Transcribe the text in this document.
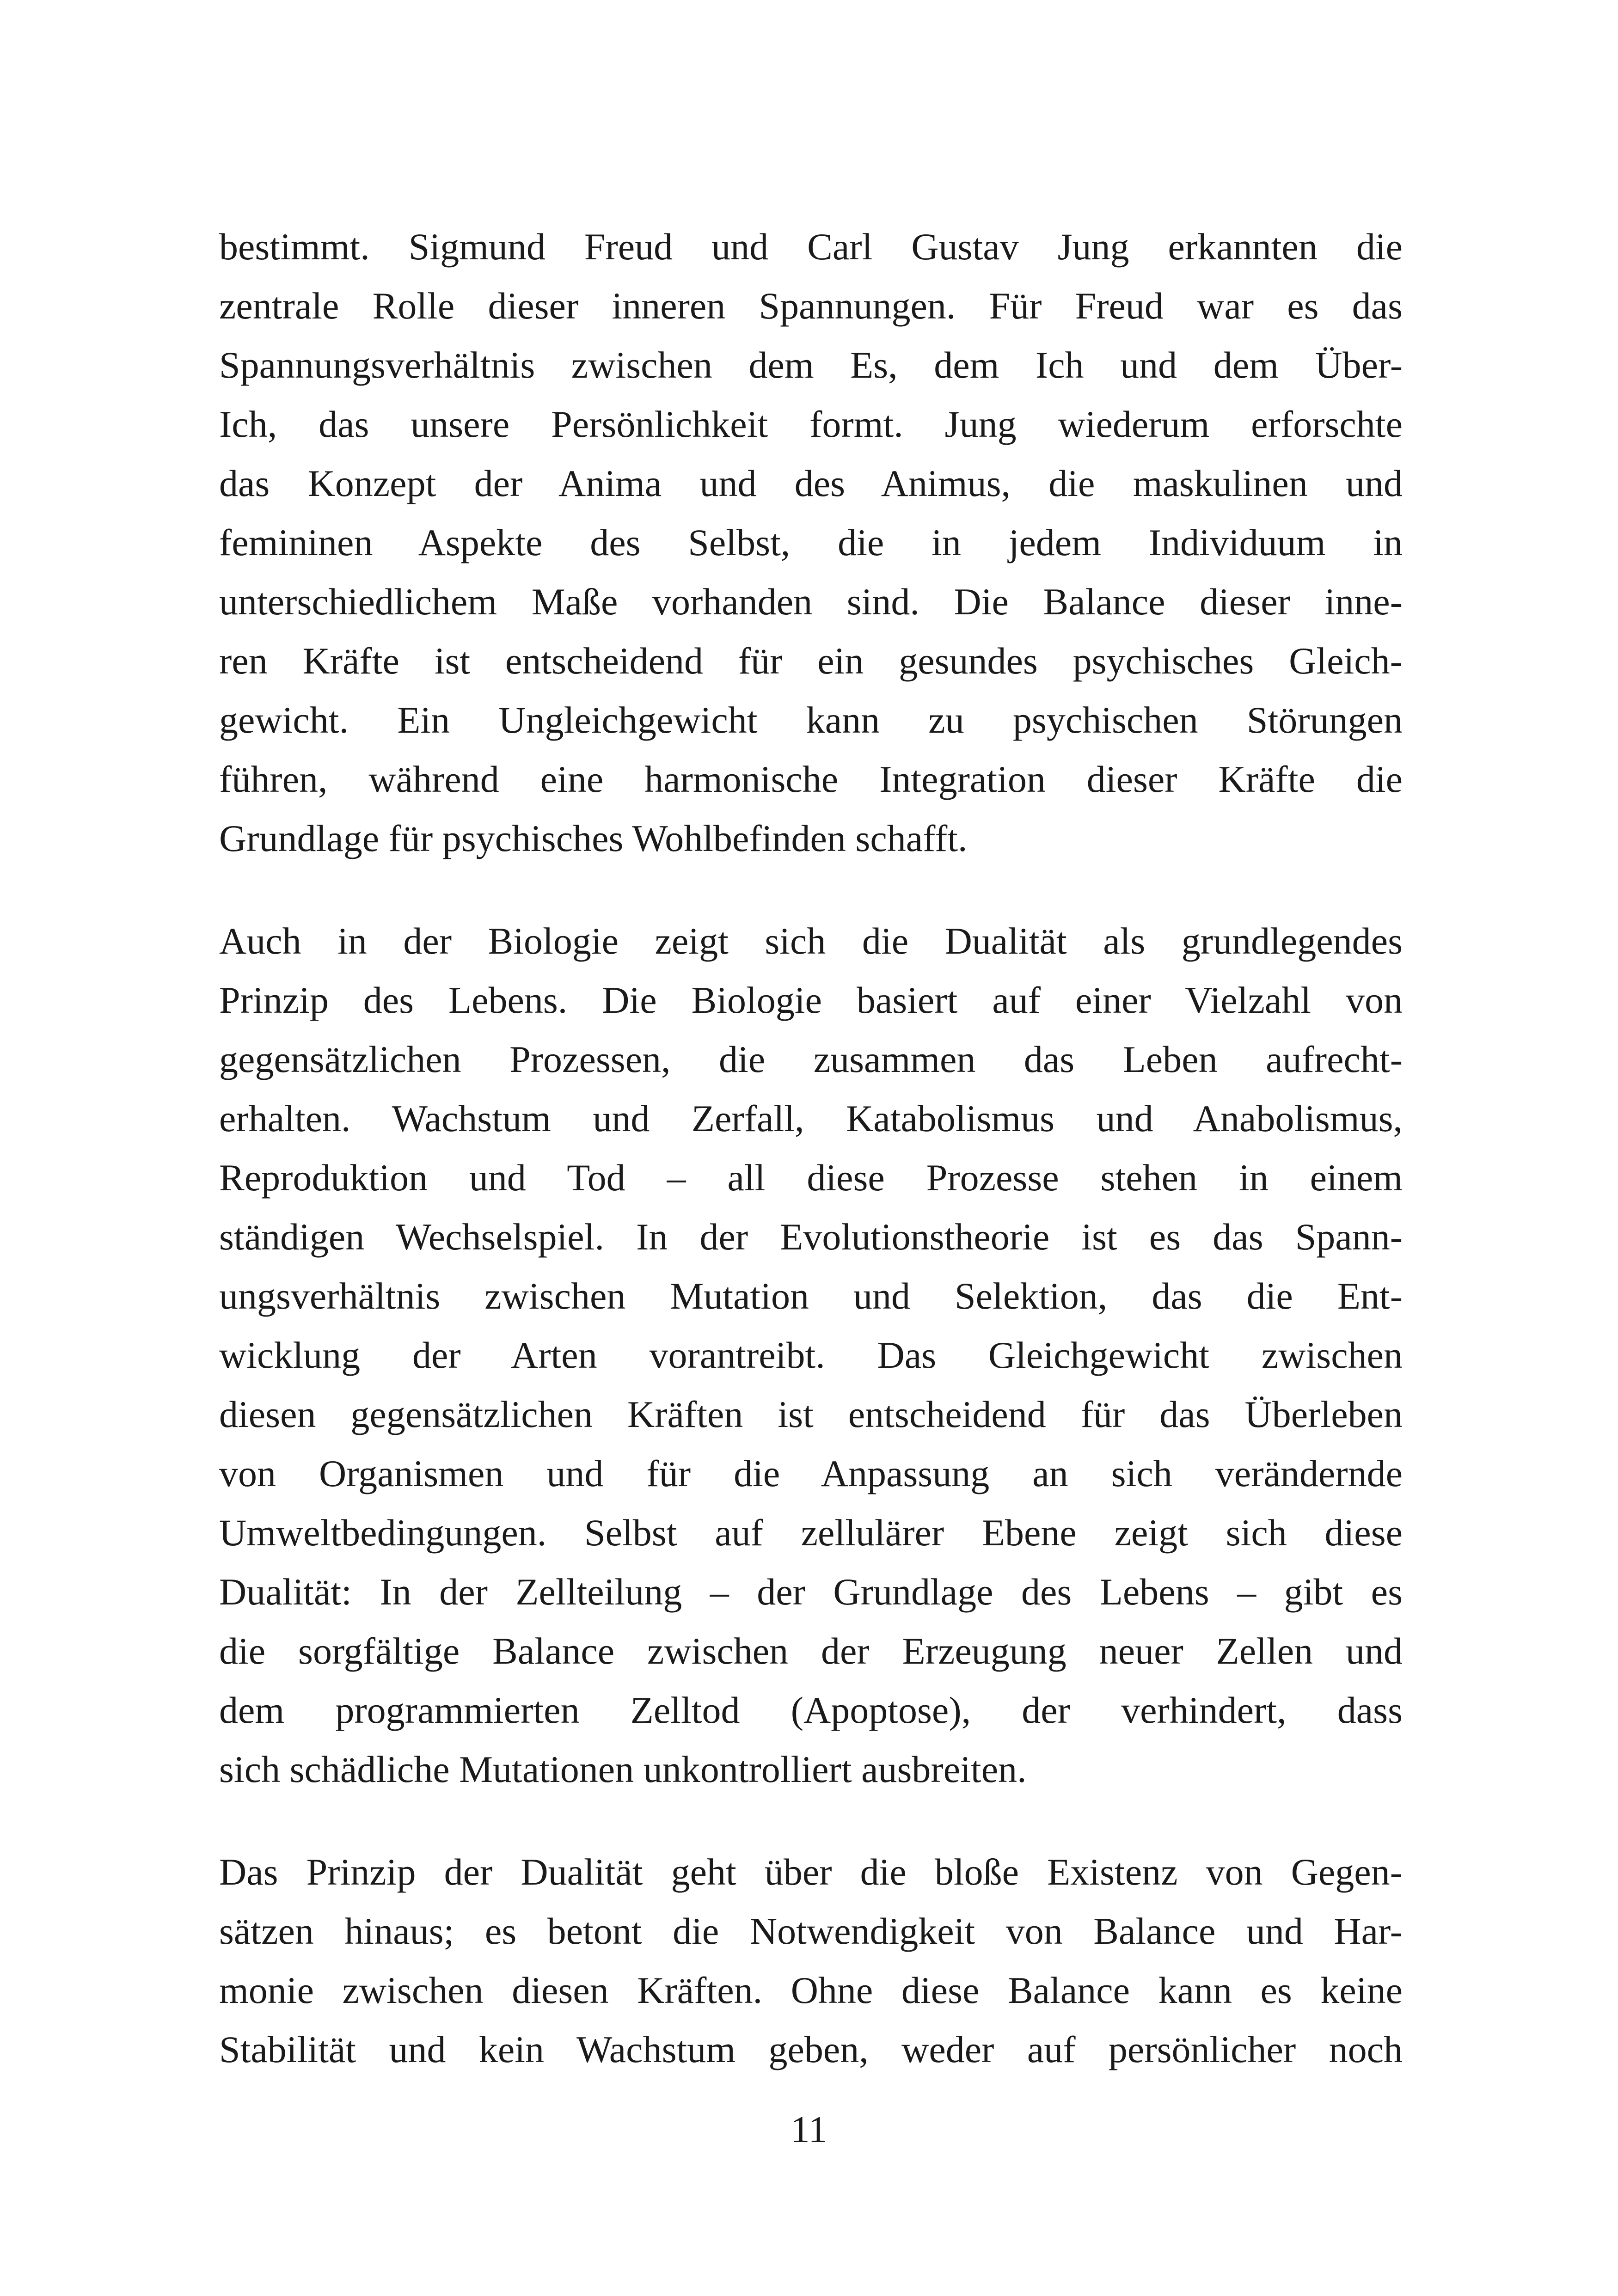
bestimmt. Sigmund Freud und Carl Gustav Jung erkannten die
zentrale Rolle dieser inneren Spannungen. Für Freud war es das
Spannungsverhältnis zwischen dem Es, dem Ich und dem Über-
Ich, das unsere Persönlichkeit formt. Jung wiederum erforschte
das Konzept der Anima und des Animus, die maskulinen und
femininen Aspekte des Selbst, die in jedem Individuum in
unterschiedlichem Maße vorhanden sind. Die Balance dieser inne-
ren Kräfte ist entscheidend für ein gesundes psychisches Gleich-
gewicht. Ein Ungleichgewicht kann zu psychischen Störungen
führen, während eine harmonische Integration dieser Kräfte die
Grundlage für psychisches Wohlbefinden schafft.

Auch in der Biologie zeigt sich die Dualität als grundlegendes
Prinzip des Lebens. Die Biologie basiert auf einer Vielzahl von
gegensätzlichen Prozessen, die zusammen das Leben aufrecht-
erhalten. Wachstum und Zerfall, Katabolismus und Anabolismus,
Reproduktion und Tod – all diese Prozesse stehen in einem
ständigen Wechselspiel. In der Evolutionstheorie ist es das Spann-
ungsverhältnis zwischen Mutation und Selektion, das die Ent-
wicklung der Arten vorantreibt. Das Gleichgewicht zwischen
diesen gegensätzlichen Kräften ist entscheidend für das Überleben
von Organismen und für die Anpassung an sich verändernde
Umweltbedingungen. Selbst auf zellulärer Ebene zeigt sich diese
Dualität: In der Zellteilung – der Grundlage des Lebens – gibt es
die sorgfältige Balance zwischen der Erzeugung neuer Zellen und
dem programmierten Zelltod (Apoptose), der verhindert, dass
sich schädliche Mutationen unkontrolliert ausbreiten.

Das Prinzip der Dualität geht über die bloße Existenz von Gegen-
sätzen hinaus; es betont die Notwendigkeit von Balance und Har-
monie zwischen diesen Kräften. Ohne diese Balance kann es keine
Stabilität und kein Wachstum geben, weder auf persönlicher noch

11
